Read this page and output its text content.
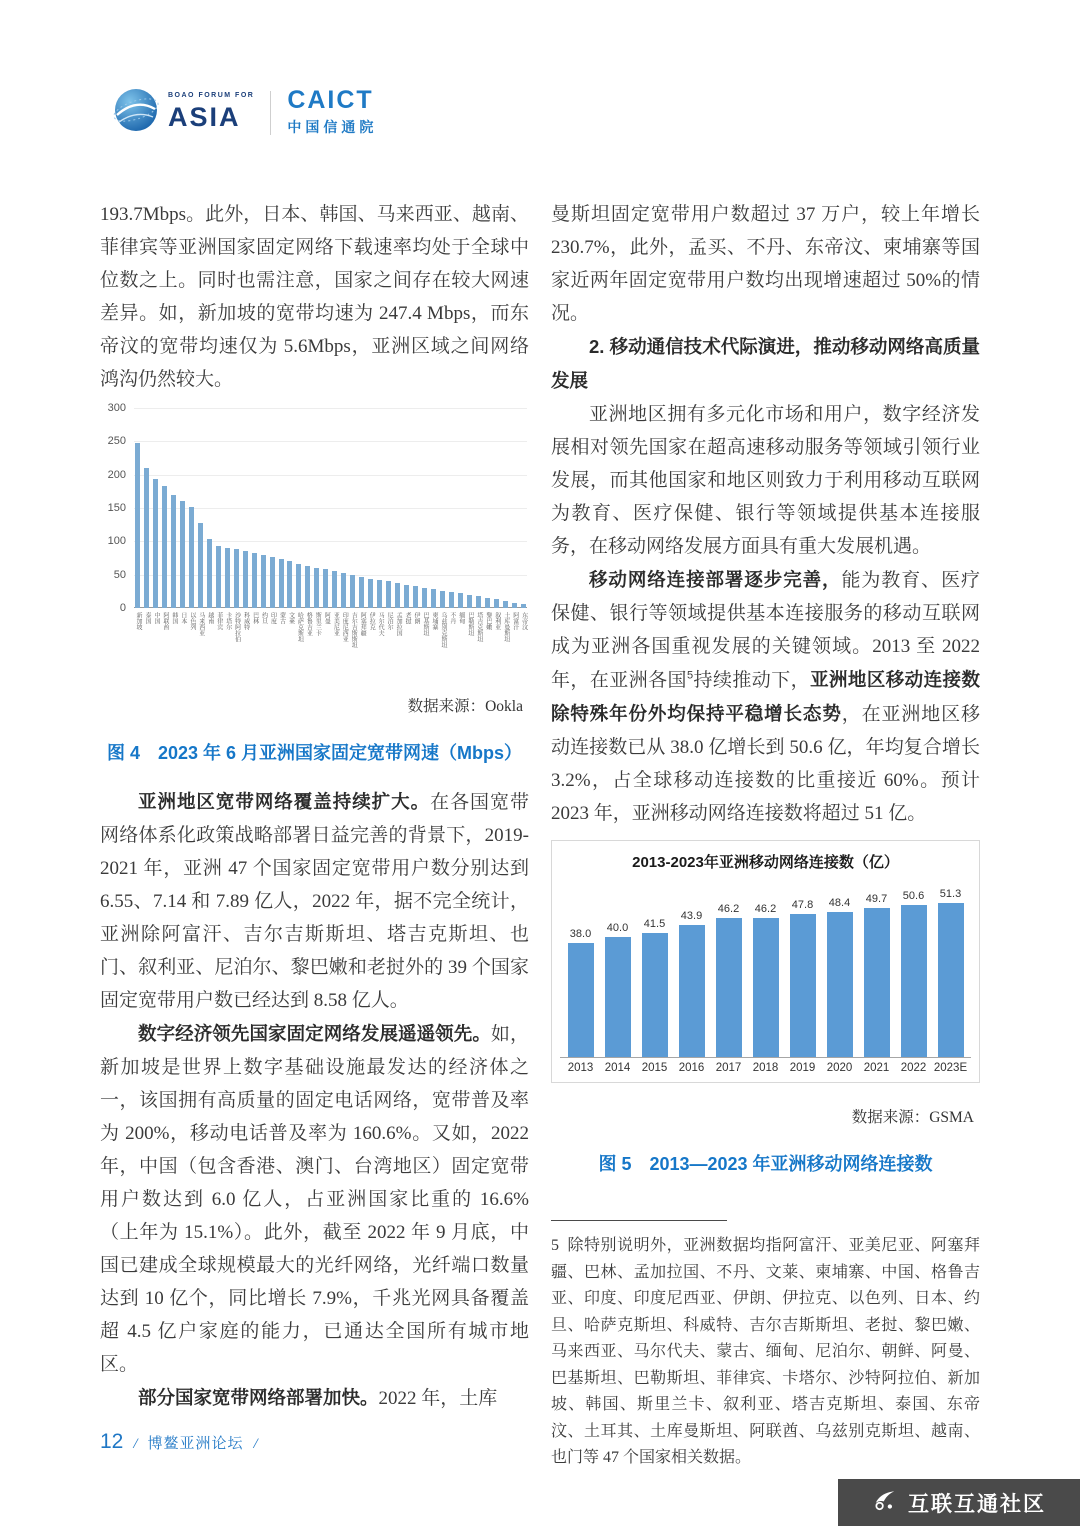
BOAO FORUM FOR
ASIA
CAICT
中国信通院

193.7Mbps。此外，日本、韩国、马来西亚、越南、菲律宾等亚洲国家固定网络下载速率均处于全球中位数之上。同时也需注意，国家之间存在较大网速差异。如，新加坡的宽带均速为 247.4 Mbps，而东帝汶的宽带均速仅为 5.6Mbps，亚洲区域之间网络鸿沟仍然较大。

300
250
200
150
100
50
0
新加坡 泰国 中国 阿联酋 韩国 日本 以色列 马来西亚 越南 菲律宾 卡塔尔 沙特阿拉伯 科威特 巴林 约旦 印度 蒙古 文莱 哈萨克斯坦 格鲁吉亚 斯里兰卡 阿曼 亚美尼亚 印度尼西亚 吉尔吉斯斯坦 阿塞拜疆 伊拉克 马尔代夫 尼泊尔 孟加拉国 老挝 伊朗 巴基斯坦 柬埔寨 乌兹别克斯坦 不丹 缅甸 巴勒斯坦 塔吉克斯坦 黎巴嫩 叙利亚 土库曼斯坦 阿富汗 东帝汶
数据来源：Ookla
图 4　2023 年 6 月亚洲国家固定宽带网速（Mbps）

亚洲地区宽带网络覆盖持续扩大。在各国宽带网络体系化政策战略部署日益完善的背景下，2019-2021 年，亚洲 47 个国家固定宽带用户数分别达到 6.55、7.14 和 7.89 亿人，2022 年，据不完全统计，亚洲除阿富汗、吉尔吉斯斯坦、塔吉克斯坦、也门、叙利亚、尼泊尔、黎巴嫩和老挝外的 39 个国家固定宽带用户数已经达到 8.58 亿人。

数字经济领先国家固定网络发展遥遥领先。如，新加坡是世界上数字基础设施最发达的经济体之一，该国拥有高质量的固定电话网络，宽带普及率为 200%，移动电话普及率为 160.6%。又如，2022 年，中国（包含香港、澳门、台湾地区）固定宽带用户数达到 6.0 亿人，占亚洲国家比重的 16.6%（上年为 15.1%）。此外，截至 2022 年 9 月底，中国已建成全球规模最大的光纤网络，光纤端口数量达到 10 亿个，同比增长 7.9%，千兆光网具备覆盖超 4.5 亿户家庭的能力，已通达全国所有城市地区。

部分国家宽带网络部署加快。2022 年，土库

曼斯坦固定宽带用户数超过 37 万户，较上年增长 230.7%，此外，孟买、不丹、东帝汶、柬埔寨等国家近两年固定宽带用户数均出现增速超过 50%的情况。

2. 移动通信技术代际演进，推动移动网络高质量发展

亚洲地区拥有多元化市场和用户，数字经济发展相对领先国家在超高速移动服务等领域引领行业发展，而其他国家和地区则致力于利用移动互联网为教育、医疗保健、银行等领域提供基本连接服务，在移动网络发展方面具有重大发展机遇。

移动网络连接部署逐步完善，能为教育、医疗保健、银行等领域提供基本连接服务的移动互联网成为亚洲各国重视发展的关键领域。2013 至 2022 年，在亚洲各国$^5$持续推动下，亚洲地区移动连接数除特殊年份外均保持平稳增长态势，在亚洲地区移动连接数已从 38.0 亿增长到 50.6 亿，年均复合增长 3.2%，占全球移动连接数的比重接近 60%。预计 2023 年，亚洲移动网络连接数将超过 51 亿。

2013-2023年亚洲移动网络连接数（亿）
38.0 40.0 41.5
43.9
46.2 46.2 47.8 48.4 49.7 50.6 51.3
2013 2014 2015 2016 2017 2018 2019 2020 2021 2022 2023E
数据来源：GSMA
图 5　2013—2023 年亚洲移动网络连接数

5 除特别说明外，亚洲数据均指阿富汗、亚美尼亚、阿塞拜疆、巴林、孟加拉国、不丹、文莱、柬埔寨、中国、格鲁吉亚、印度、印度尼西亚、伊朗、伊拉克、以色列、日本、约旦、哈萨克斯坦、科威特、吉尔吉斯斯坦、老挝、黎巴嫩、马来西亚、马尔代夫、蒙古、缅甸、尼泊尔、朝鲜、阿曼、巴基斯坦、巴勒斯坦、菲律宾、卡塔尔、沙特阿拉伯、新加坡、韩国、斯里兰卡、叙利亚、塔吉克斯坦、泰国、东帝汶、土耳其、土库曼斯坦、阿联酋、乌兹别克斯坦、越南、也门等 47 个国家相关数据。

12 / 博鳌亚洲论坛 /
互联互通社区
